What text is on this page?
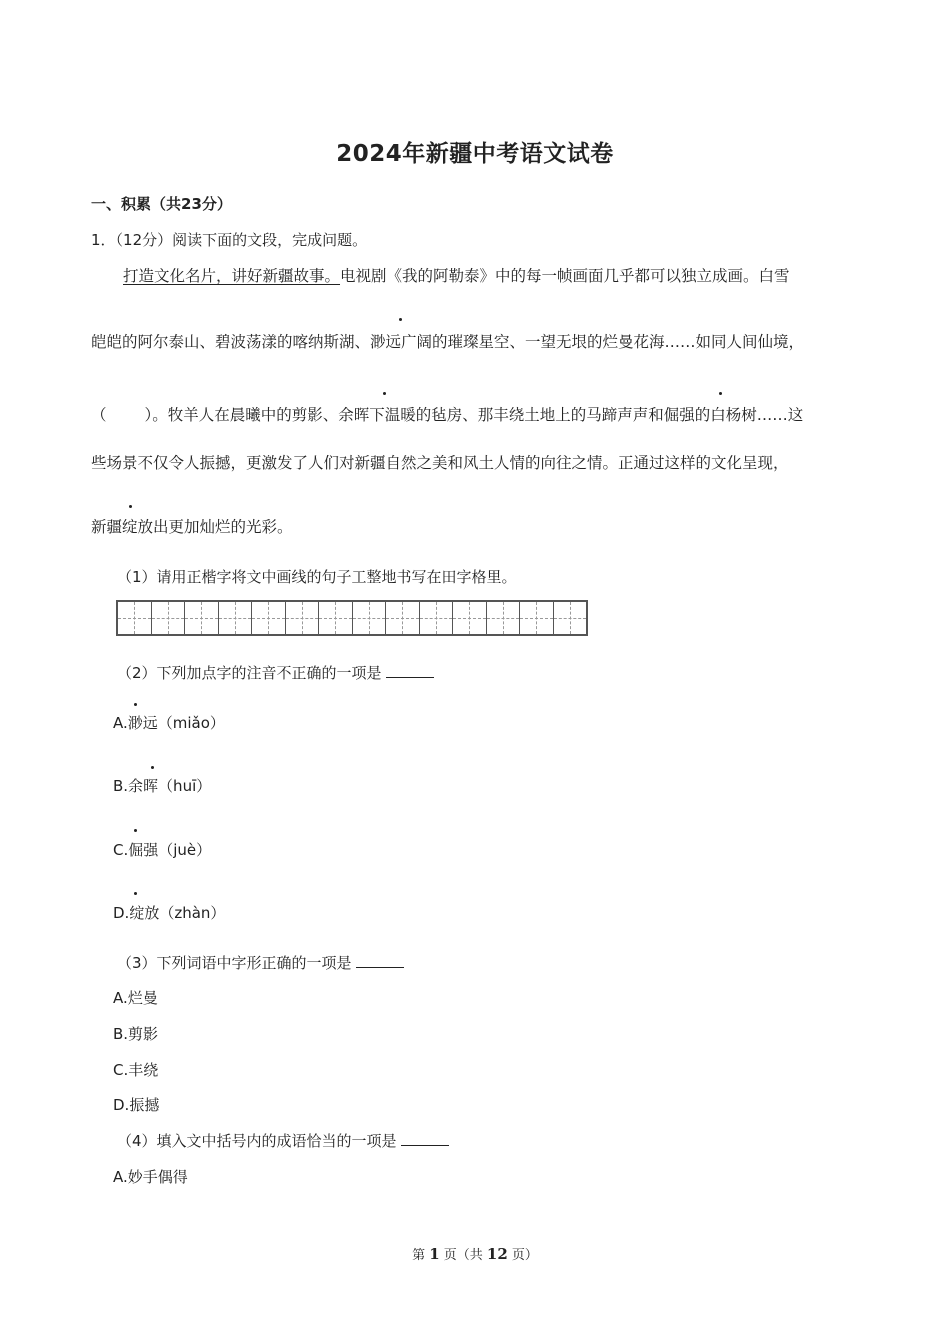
2024年新疆中考语文试卷
一、积累（共23分）
1．（12分）阅读下面的文段，完成问题。
打造文化名片，讲好新疆故事。电视剧《我的阿勒泰》中的每一帧画面几乎都可以独立成画。白雪
皑皑的阿尔泰山、碧波荡漾的喀纳斯湖、渺远广阔的璀璨星空、一望无垠的烂曼花海……如同人间仙境，
（ ）。牧羊人在晨曦中的剪影、余晖下温暖的毡房、那丰绕土地上的马蹄声声和倔强的白杨树……这
些场景不仅令人振撼，更激发了人们对新疆自然之美和风土人情的向往之情。正通过这样的文化呈现，
新疆绽放出更加灿烂的光彩。
（1）请用正楷字将文中画线的句子工整地书写在田字格里。
（2）下列加点字的注音不正确的一项是
A.渺远（miǎo）
B.余晖（huī）
C.倔强（juè）
D.绽放（zhàn）
（3）下列词语中字形正确的一项是
A.烂曼
B.剪影
C.丰绕
D.振撼
（4）填入文中括号内的成语恰当的一项是
A.妙手偶得
第 1 页（共 12 页）
